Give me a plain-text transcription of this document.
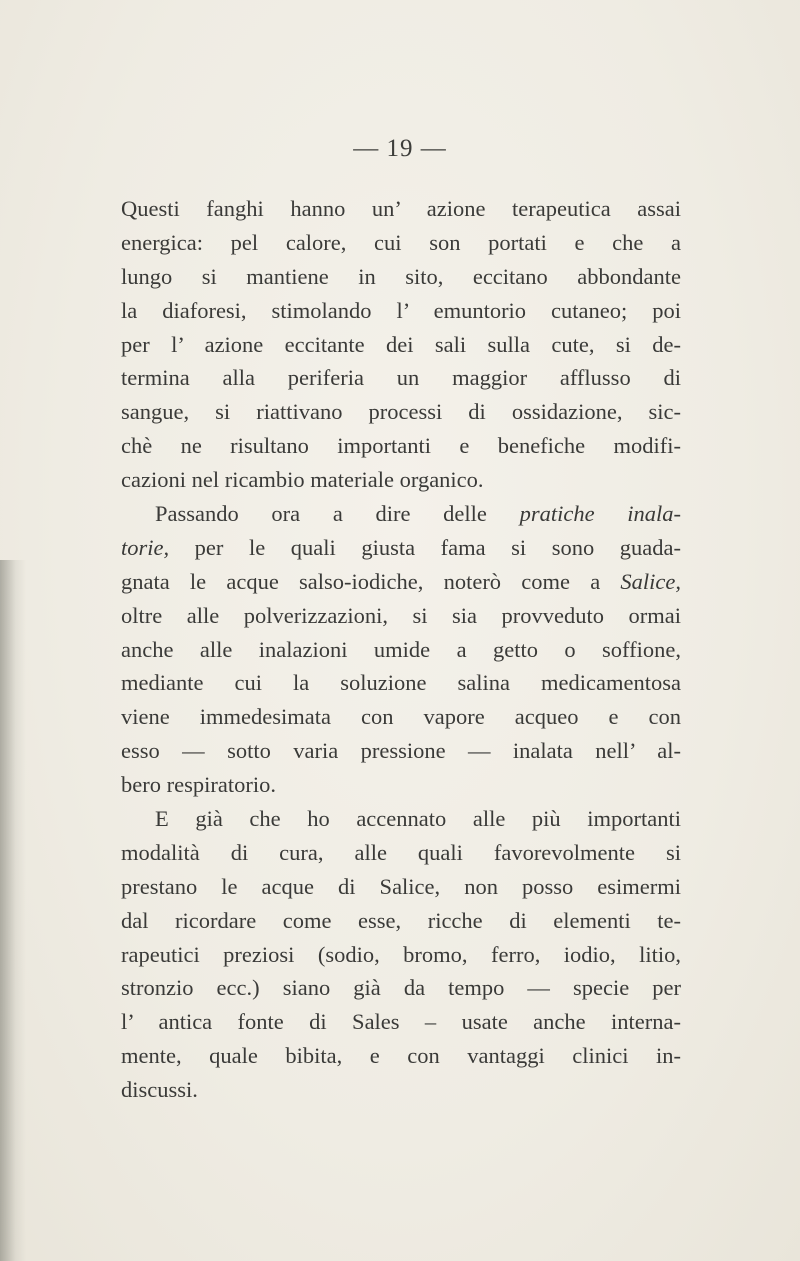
— 19 —
Questi fanghi hanno un’ azione terapeutica assai
energica: pel calore, cui son portati e che a
lungo si mantiene in sito, eccitano abbondante
la diaforesi, stimolando l’ emuntorio cutaneo; poi
per l’ azione eccitante dei sali sulla cute, si de-
termina alla periferia un maggior afflusso di
sangue, si riattivano processi di ossidazione, sic-
chè ne risultano importanti e benefiche modifi-
cazioni nel ricambio materiale organico.
Passando ora a dire delle pratiche inala-
torie, per le quali giusta fama si sono guada-
gnata le acque salso-iodiche, noterò come a Salice,
oltre alle polverizzazioni, si sia provveduto ormai
anche alle inalazioni umide a getto o soffione,
mediante cui la soluzione salina medicamentosa
viene immedesimata con vapore acqueo e con
esso — sotto varia pressione — inalata nell’ al-
bero respiratorio.
E già che ho accennato alle più importanti
modalità di cura, alle quali favorevolmente si
prestano le acque di Salice, non posso esimermi
dal ricordare come esse, ricche di elementi te-
rapeutici preziosi (sodio, bromo, ferro, iodio, litio,
stronzio ecc.) siano già da tempo — specie per
l’ antica fonte di Sales – usate anche interna-
mente, quale bibita, e con vantaggi clinici in-
discussi.
